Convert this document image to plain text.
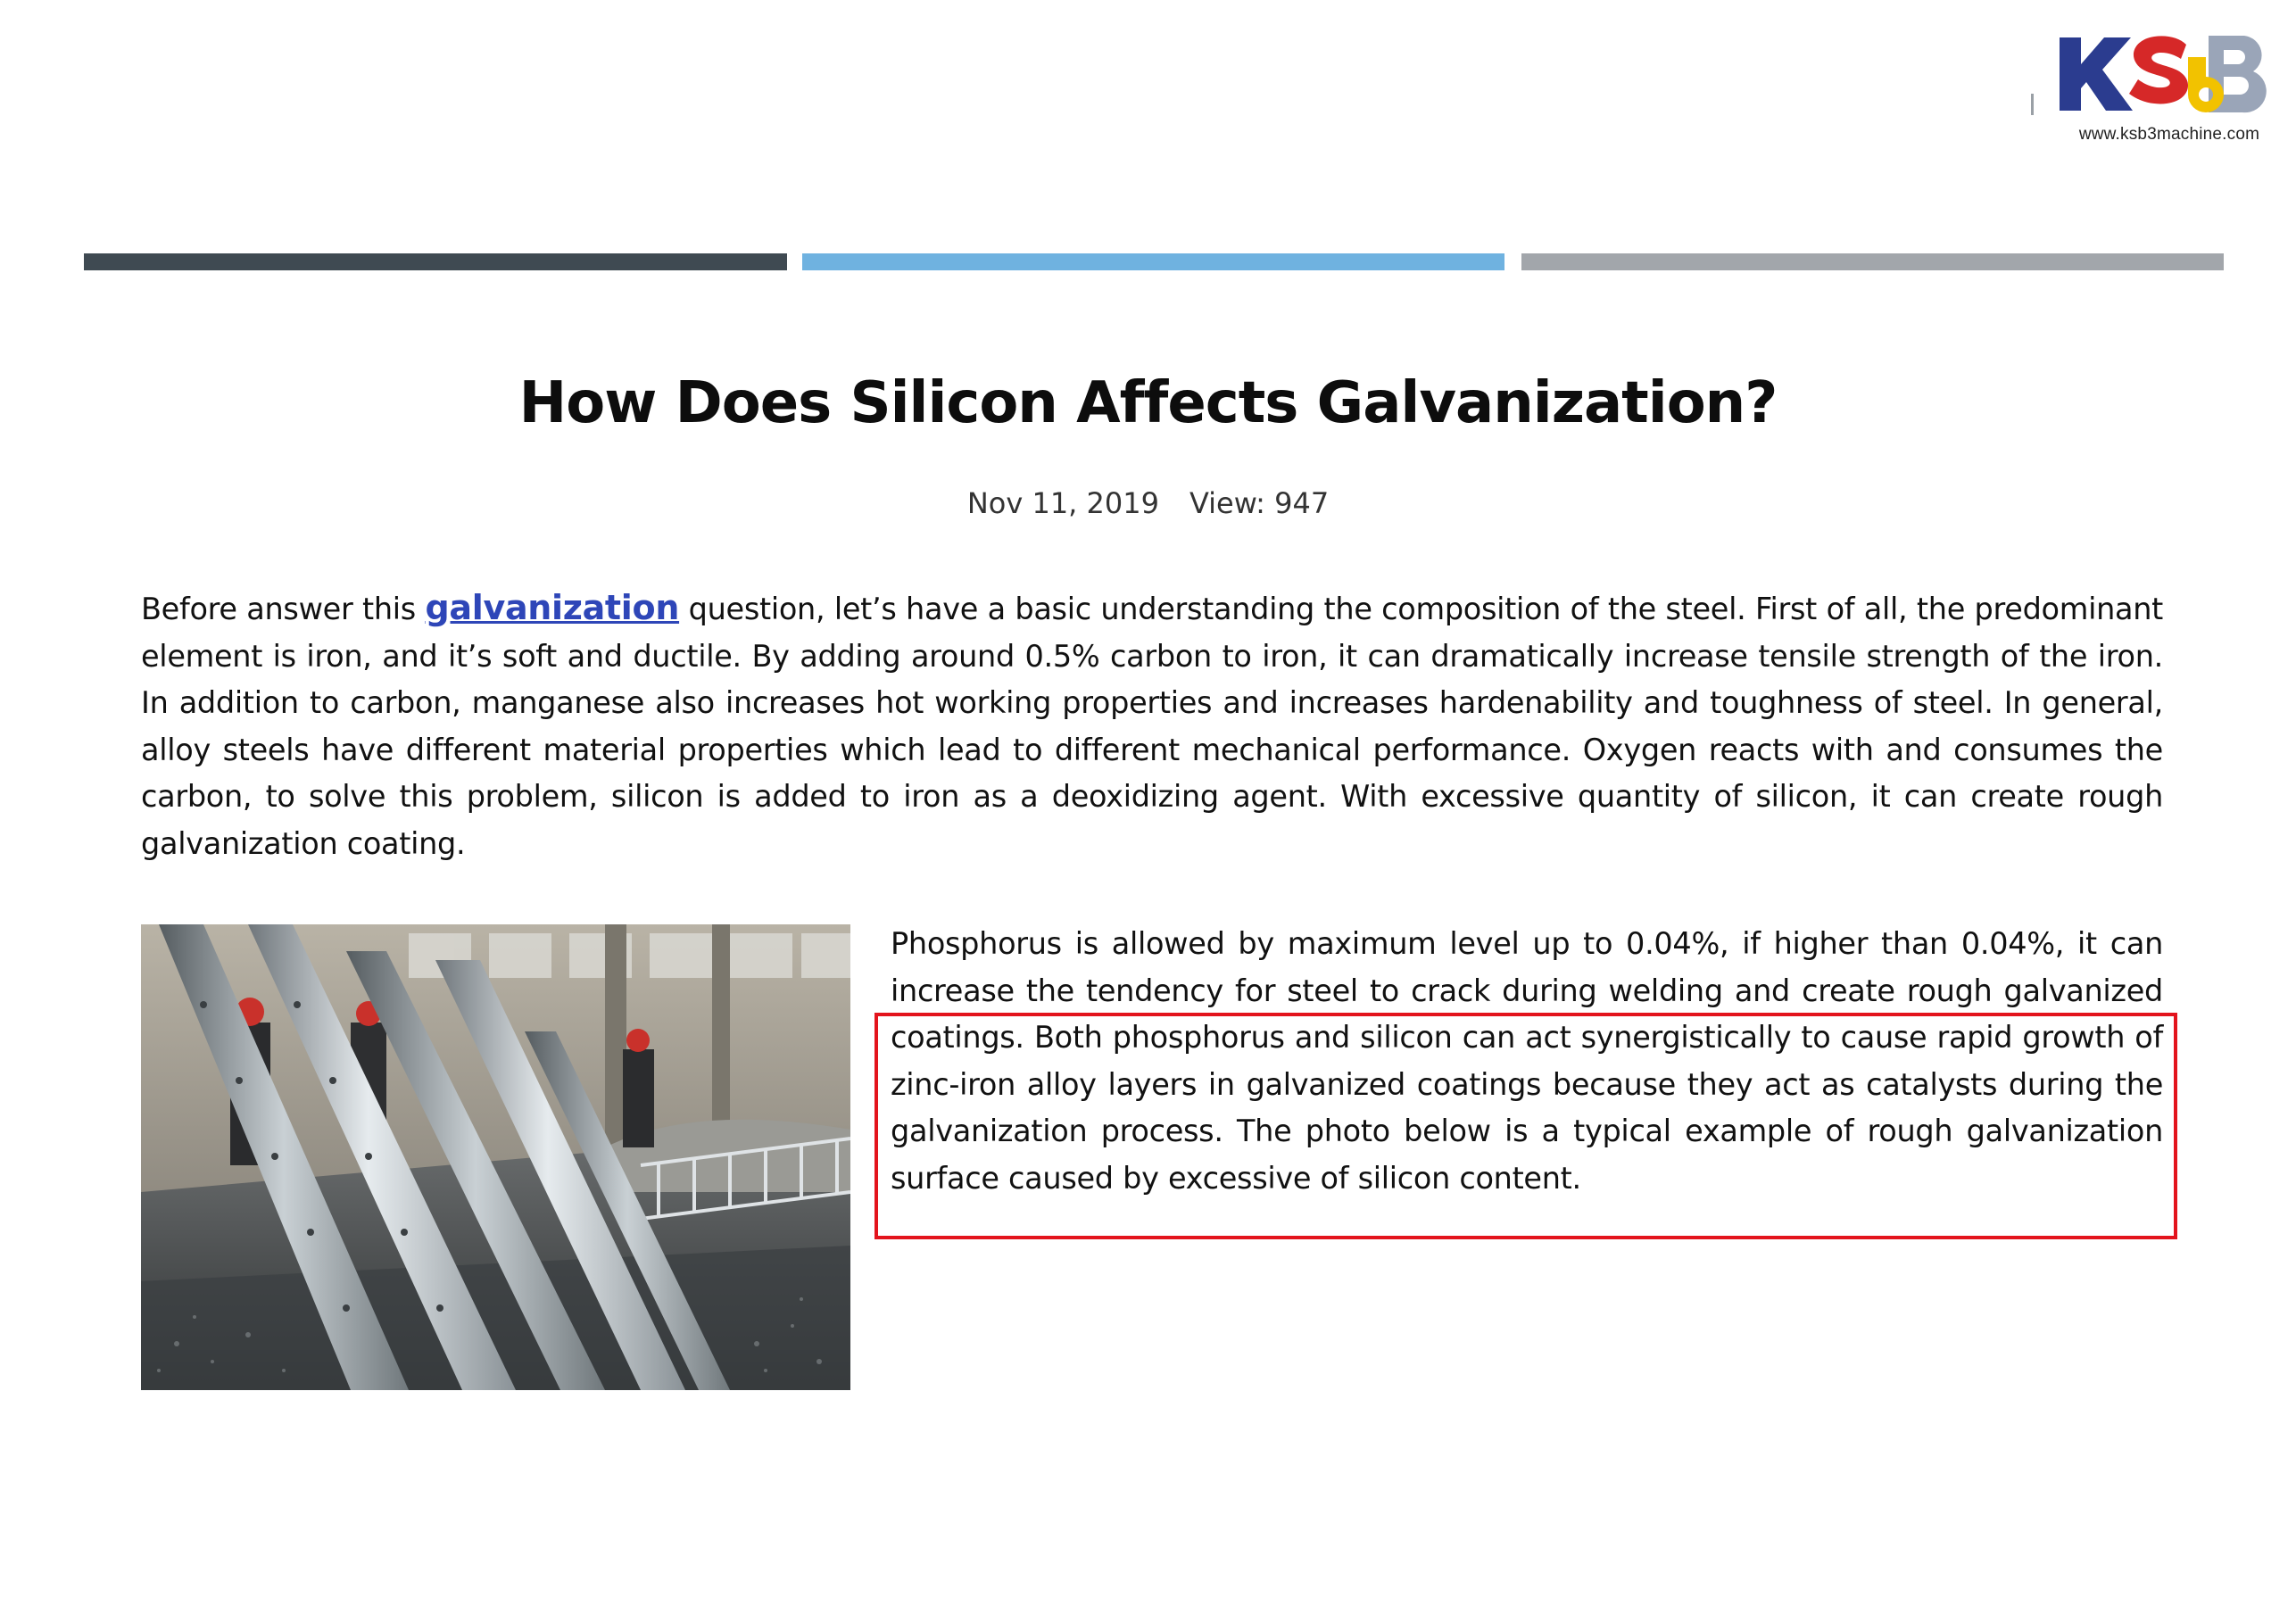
www.ksb3machine.com
How Does Silicon Affects Galvanization?
Nov 11, 2019 View: 947
Before answer this galvanization question, let’s have a basic understanding the composition of the steel. First of all, the predominant element is iron, and it’s soft and ductile. By adding around 0.5% carbon to iron, it can dramatically increase tensile strength of the iron. In addition to carbon, manganese also increases hot working properties and increases hardenability and toughness of steel. In general, alloy steels have different material properties which lead to different mechanical performance. Oxygen reacts with and consumes the carbon, to solve this problem, silicon is added to iron as a deoxidizing agent. With excessive quantity of silicon, it can create rough galvanization coating.
Phosphorus is allowed by maximum level up to 0.04%, if higher than 0.04%, it can increase the tendency for steel to crack during welding and create rough galvanized coatings. Both phosphorus and silicon can act synergistically to cause rapid growth of zinc-iron alloy layers in galvanized coatings because they act as catalysts during the galvanization process. The photo below is a typical example of rough galvanization surface caused by excessive of silicon content.
